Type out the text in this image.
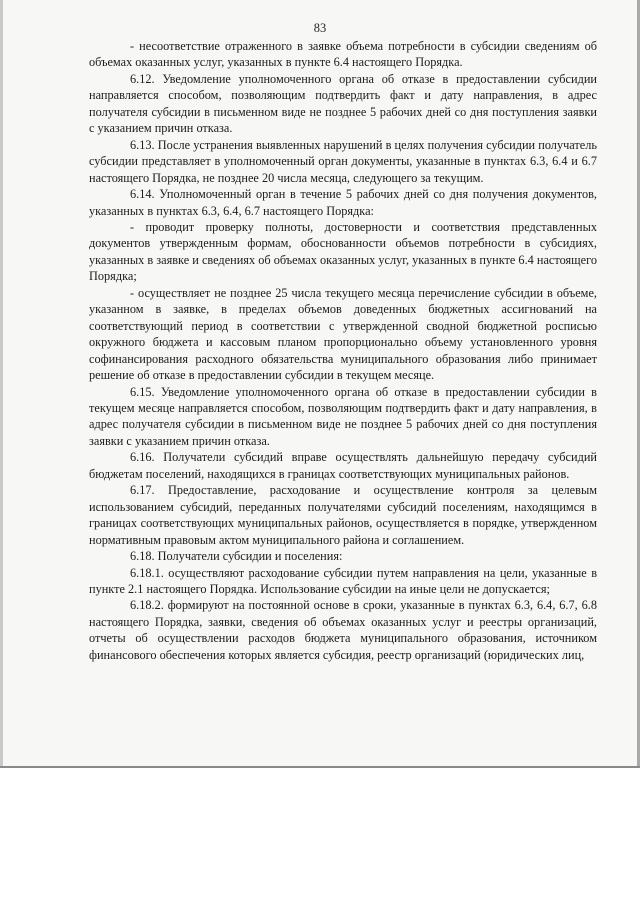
83

- несоответствие отраженного в заявке объема потребности в субсидии сведениям об объемах оказанных услуг, указанных в пункте 6.4 настоящего Порядка.

6.12. Уведомление уполномоченного органа об отказе в предоставлении субсидии направляется способом, позволяющим подтвердить факт и дату направления, в адрес получателя субсидии в письменном виде не позднее 5 рабочих дней со дня поступления заявки с указанием причин отказа.

6.13. После устранения выявленных нарушений в целях получения субсидии получатель субсидии представляет в уполномоченный орган документы, указанные в пунктах 6.3, 6.4 и 6.7 настоящего Порядка, не позднее 20 числа месяца, следующего за текущим.

6.14. Уполномоченный орган в течение 5 рабочих дней со дня получения документов, указанных в пунктах 6.3, 6.4, 6.7 настоящего Порядка:

- проводит проверку полноты, достоверности и соответствия представленных документов утвержденным формам, обоснованности объемов потребности в субсидиях, указанных в заявке и сведениях об объемах оказанных услуг, указанных в пункте 6.4 настоящего Порядка;

- осуществляет не позднее 25 числа текущего месяца перечисление субсидии в объеме, указанном в заявке, в пределах объемов доведенных бюджетных ассигнований на соответствующий период в соответствии с утвержденной сводной бюджетной росписью окружного бюджета и кассовым планом пропорционально объему установленного уровня софинансирования расходного обязательства муниципального образования либо принимает решение об отказе в предоставлении субсидии в текущем месяце.

6.15. Уведомление уполномоченного органа об отказе в предоставлении субсидии в текущем месяце направляется способом, позволяющим подтвердить факт и дату направления, в адрес получателя субсидии в письменном виде не позднее 5 рабочих дней со дня поступления заявки с указанием причин отказа.

6.16. Получатели субсидий вправе осуществлять дальнейшую передачу субсидий бюджетам поселений, находящихся в границах соответствующих муниципальных районов.

6.17. Предоставление, расходование и осуществление контроля за целевым использованием субсидий, переданных получателями субсидий поселениям, находящимся в границах соответствующих муниципальных районов, осуществляется в порядке, утвержденном нормативным правовым актом муниципального района и соглашением.

6.18. Получатели субсидии и поселения:

6.18.1. осуществляют расходование субсидии путем направления на цели, указанные в пункте 2.1 настоящего Порядка. Использование субсидии на иные цели не допускается;

6.18.2. формируют на постоянной основе в сроки, указанные в пунктах 6.3, 6.4, 6.7, 6.8 настоящего Порядка, заявки, сведения об объемах оказанных услуг и реестры организаций, отчеты об осуществлении расходов бюджета муниципального образования, источником финансового обеспечения которых является субсидия, реестр организаций (юридических лиц,
